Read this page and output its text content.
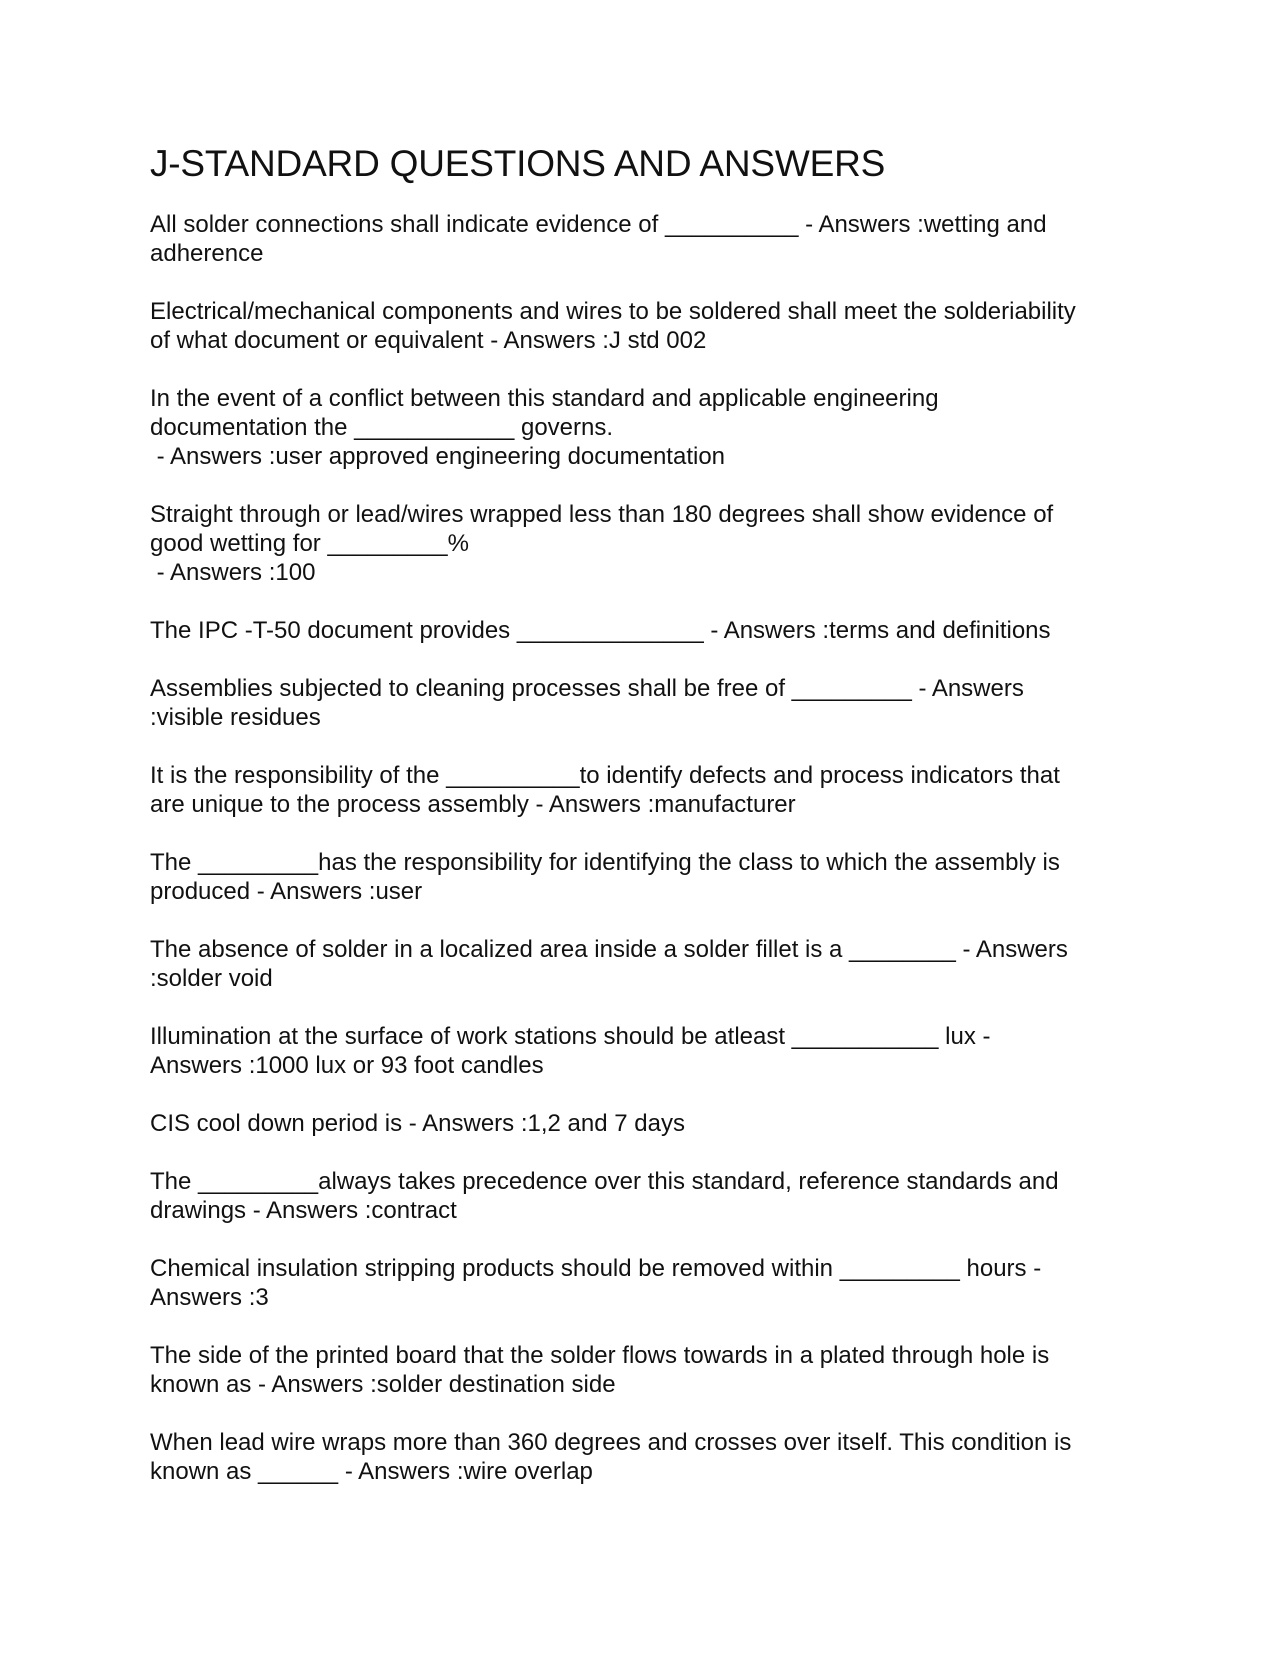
J-STANDARD QUESTIONS AND ANSWERS

All solder connections shall indicate evidence of __________ - Answers :wetting and
adherence

Electrical/mechanical components and wires to be soldered shall meet the solderiability
of what document or equivalent - Answers :J std 002

In the event of a conflict between this standard and applicable engineering
documentation the ____________ governs.
- Answers :user approved engineering documentation

Straight through or lead/wires wrapped less than 180 degrees shall show evidence of
good wetting for _________%
- Answers :100

The IPC -T-50 document provides ______________ - Answers :terms and definitions

Assemblies subjected to cleaning processes shall be free of _________ - Answers
:visible residues

It is the responsibility of the __________to identify defects and process indicators that
are unique to the process assembly - Answers :manufacturer

The _________has the responsibility for identifying the class to which the assembly is
produced - Answers :user

The absence of solder in a localized area inside a solder fillet is a ________ - Answers
:solder void

Illumination at the surface of work stations should be atleast ___________ lux -
Answers :1000 lux or 93 foot candles

CIS cool down period is - Answers :1,2 and 7 days

The _________always takes precedence over this standard, reference standards and
drawings - Answers :contract

Chemical insulation stripping products should be removed within _________ hours -
Answers :3

The side of the printed board that the solder flows towards in a plated through hole is
known as - Answers :solder destination side

When lead wire wraps more than 360 degrees and crosses over itself. This condition is
known as ______ - Answers :wire overlap
